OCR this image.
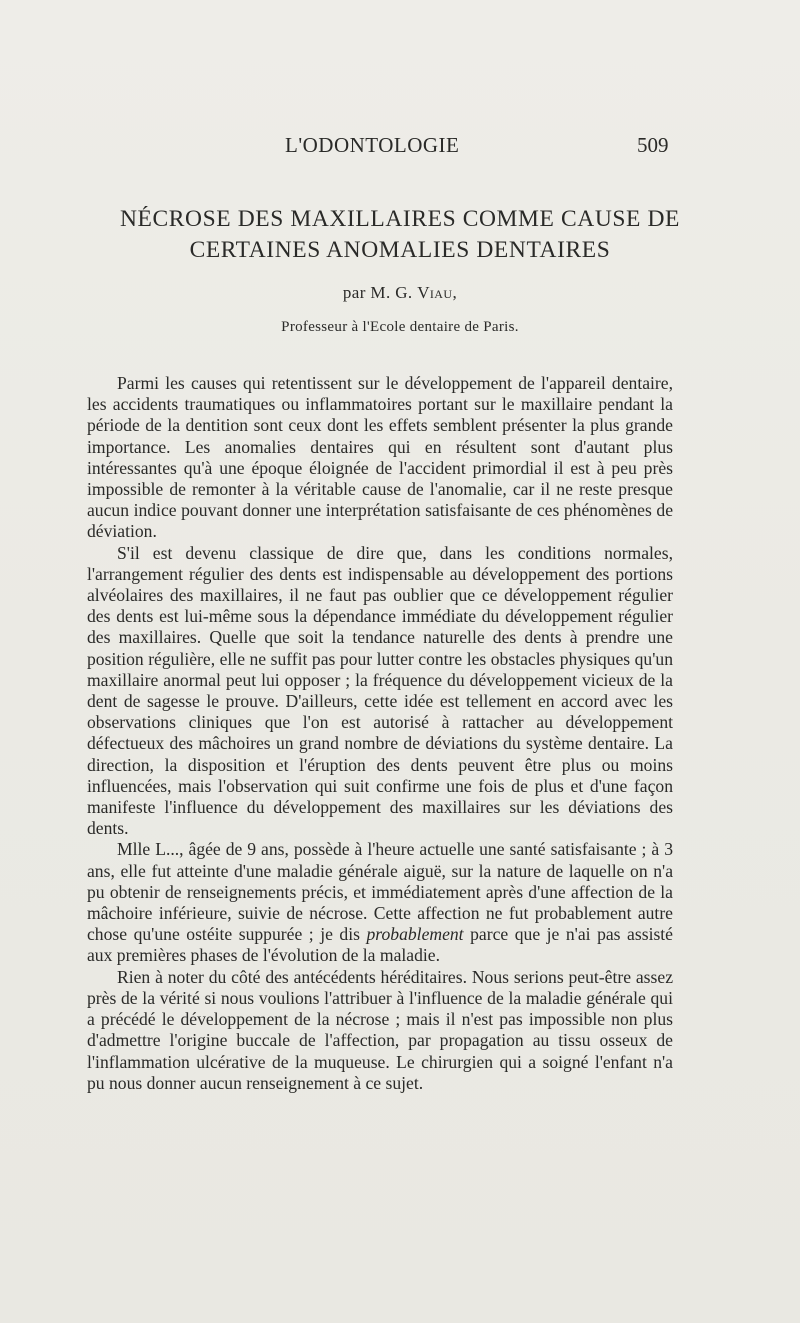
L'ODONTOLOGIE	509
NÉCROSE DES MAXILLAIRES COMME CAUSE DE
CERTAINES ANOMALIES DENTAIRES
par M. G. Viau,
Professeur à l'Ecole dentaire de Paris.

Parmi les causes qui retentissent sur le développement de l'appareil dentaire, les accidents traumatiques ou inflammatoires portant sur le maxillaire pendant la période de la dentition sont ceux dont les effets semblent présenter la plus grande importance. Les anomalies dentaires qui en résultent sont d'autant plus intéressantes qu'à une époque éloignée de l'accident primordial il est à peu près impossible de remonter à la véritable cause de l'anomalie, car il ne reste presque aucun indice pouvant donner une interprétation satisfaisante de ces phénomènes de déviation.

S'il est devenu classique de dire que, dans les conditions normales, l'arrangement régulier des dents est indispensable au développement des portions alvéolaires des maxillaires, il ne faut pas oublier que ce développement régulier des dents est lui-même sous la dépendance immédiate du développement régulier des maxillaires. Quelle que soit la tendance naturelle des dents à prendre une position régulière, elle ne suffit pas pour lutter contre les obstacles physiques qu'un maxillaire anormal peut lui opposer ; la fréquence du développement vicieux de la dent de sagesse le prouve. D'ailleurs, cette idée est tellement en accord avec les observations cliniques que l'on est autorisé à rattacher au développement défectueux des mâchoires un grand nombre de déviations du système dentaire. La direction, la disposition et l'éruption des dents peuvent être plus ou moins influencées, mais l'observation qui suit confirme une fois de plus et d'une façon manifeste l'influence du développement des maxillaires sur les déviations des dents.

Mlle L..., âgée de 9 ans, possède à l'heure actuelle une santé satisfaisante ; à 3 ans, elle fut atteinte d'une maladie générale aiguë, sur la nature de laquelle on n'a pu obtenir de renseignements précis, et immédiatement après d'une affection de la mâchoire inférieure, suivie de nécrose. Cette affection ne fut probablement autre chose qu'une ostéite suppurée ; je dis probablement parce que je n'ai pas assisté aux premières phases de l'évolution de la maladie.

Rien à noter du côté des antécédents héréditaires. Nous serions peut-être assez près de la vérité si nous voulions l'attribuer à l'influence de la maladie générale qui a précédé le développement de la nécrose ; mais il n'est pas impossible non plus d'admettre l'origine buccale de l'affection, par propagation au tissu osseux de l'inflammation ulcérative de la muqueuse. Le chirurgien qui a soigné l'enfant n'a pu nous donner aucun renseignement à ce sujet.
